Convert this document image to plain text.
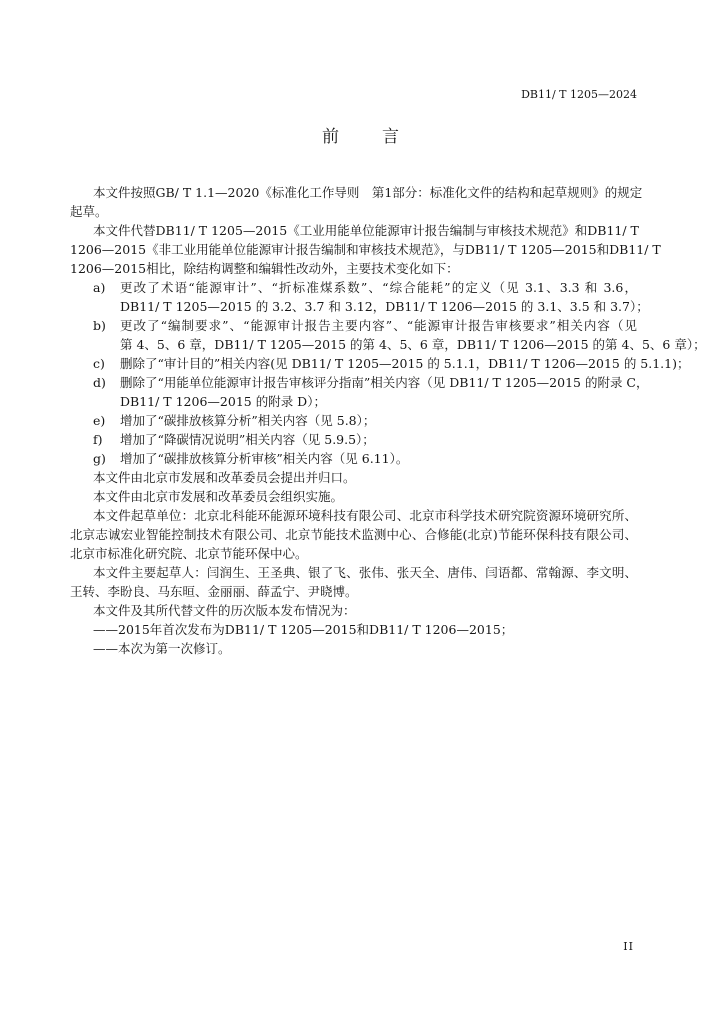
DB11/ T 1205—2024
前　　言
本文件按照GB/ T 1.1—2020《标准化工作导则　第1部分：标准化文件的结构和起草规则》的规定
起草。
本文件代替DB11/ T 1205—2015《工业用能单位能源审计报告编制与审核技术规范》和DB11/ T
1206—2015《非工业用能单位能源审计报告编制和审核技术规范》，与DB11/ T 1205—2015和DB11/ T
1206—2015相比，除结构调整和编辑性改动外，主要技术变化如下：
a)	更改了术语“能源审计”、“折标准煤系数”、“综合能耗”的定义（见 3.1、3.3 和 3.6，
DB11/ T 1205—2015 的 3.2、3.7 和 3.12，DB11/ T 1206—2015 的 3.1、3.5 和 3.7）；
b)	更改了“编制要求”、“能源审计报告主要内容”、“能源审计报告审核要求”相关内容（见
第 4、5、6 章，DB11/ T 1205—2015 的第 4、5、6 章，DB11/ T 1206—2015 的第 4、5、6 章）；
c)	删除了“审计目的”相关内容(见 DB11/ T 1205—2015 的 5.1.1，DB11/ T 1206—2015 的 5.1.1)；
d)	删除了“用能单位能源审计报告审核评分指南”相关内容（见 DB11/ T 1205—2015 的附录 C，
DB11/ T 1206—2015 的附录 D）；
e)	增加了“碳排放核算分析”相关内容（见 5.8）；
f)	增加了“降碳情况说明”相关内容（见 5.9.5）；
g)	增加了“碳排放核算分析审核”相关内容（见 6.11）。
本文件由北京市发展和改革委员会提出并归口。
本文件由北京市发展和改革委员会组织实施。
本文件起草单位：北京北科能环能源环境科技有限公司、北京市科学技术研究院资源环境研究所、
北京志诚宏业智能控制技术有限公司、北京节能技术监测中心、合修能(北京)节能环保科技有限公司、
北京市标准化研究院、北京节能环保中心。
本文件主要起草人：闫润生、王圣典、银了飞、张伟、张天全、唐伟、闫语都、常翰源、李文明、
王转、李盼良、马东晅、金丽丽、薛孟宁、尹晓博。
本文件及其所代替文件的历次版本发布情况为：
——2015年首次发布为DB11/ T 1205—2015和DB11/ T 1206—2015；
——本次为第一次修订。
II
